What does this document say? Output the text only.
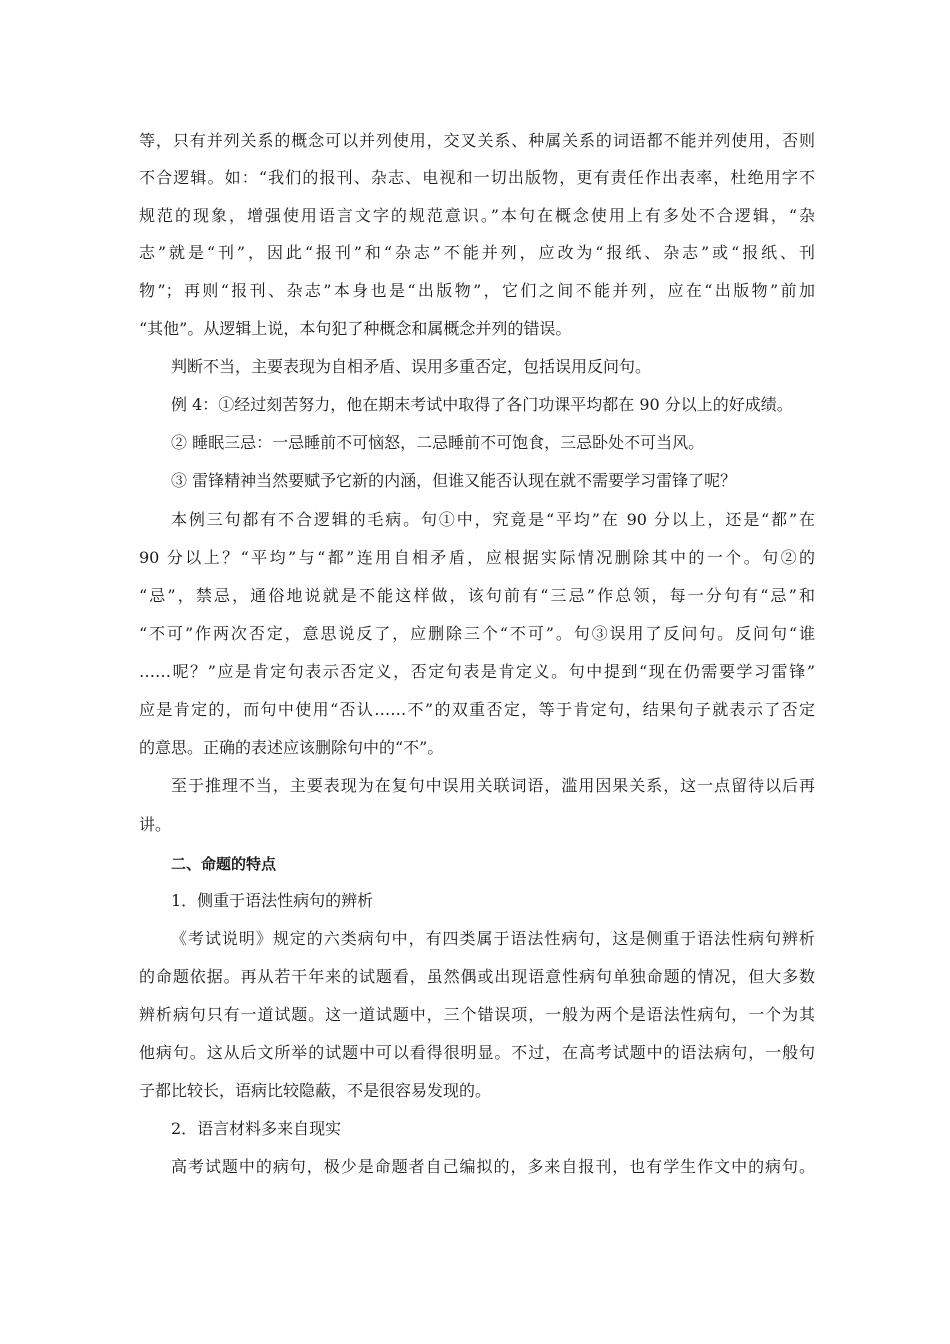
等，只有并列关系的概念可以并列使用，交叉关系、种属关系的词语都不能并列使用，否则
不合逻辑。如：“我们的报刊、杂志、电视和一切出版物，更有责任作出表率，杜绝用字不
规范的现象，增强使用语言文字的规范意识。”本句在概念使用上有多处不合逻辑，“杂
志”就是“刊”，因此“报刊”和“杂志”不能并列，应改为“报纸、杂志”或“报纸、刊
物”；再则“报刊、杂志”本身也是“出版物”，它们之间不能并列，应在“出版物”前加
“其他”。从逻辑上说，本句犯了种概念和属概念并列的错误。
判断不当，主要表现为自相矛盾、误用多重否定，包括误用反问句。
例 4：①经过刻苦努力，他在期末考试中取得了各门功课平均都在 90 分以上的好成绩。
② 睡眠三忌：一忌睡前不可恼怒，二忌睡前不可饱食，三忌卧处不可当风。
③ 雷锋精神当然要赋予它新的内涵，但谁又能否认现在就不需要学习雷锋了呢？
本例三句都有不合逻辑的毛病。句①中，究竟是“平均”在 90 分以上，还是“都”在
90 分以上？“平均”与“都”连用自相矛盾，应根据实际情况删除其中的一个。句②的
“忌”，禁忌，通俗地说就是不能这样做，该句前有“三忌”作总领，每一分句有“忌”和
“不可”作两次否定，意思说反了，应删除三个“不可”。句③误用了反问句。反问句“谁
……呢？”应是肯定句表示否定义，否定句表是肯定义。句中提到“现在仍需要学习雷锋”
应是肯定的，而句中使用“否认……不”的双重否定，等于肯定句，结果句子就表示了否定
的意思。正确的表述应该删除句中的“不”。
至于推理不当，主要表现为在复句中误用关联词语，滥用因果关系，这一点留待以后再
讲。
二、命题的特点
1．侧重于语法性病句的辨析
《考试说明》规定的六类病句中，有四类属于语法性病句，这是侧重于语法性病句辨析
的命题依据。再从若干年来的试题看，虽然偶或出现语意性病句单独命题的情况，但大多数
辨析病句只有一道试题。这一道试题中，三个错误项，一般为两个是语法性病句，一个为其
他病句。这从后文所举的试题中可以看得很明显。不过，在高考试题中的语法病句，一般句
子都比较长，语病比较隐蔽，不是很容易发现的。
2．语言材料多来自现实
高考试题中的病句，极少是命题者自己编拟的，多来自报刊，也有学生作文中的病句。
